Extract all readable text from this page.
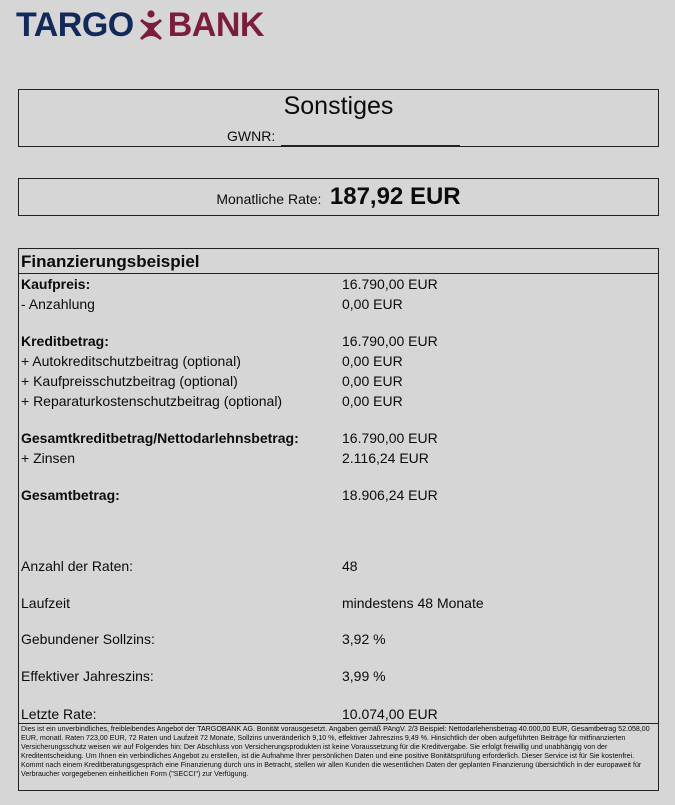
TARGO BANK
Sonstiges
GWNR:
Monatliche Rate: 187,92 EUR
Finanzierungsbeispiel
Kaufpreis:	16.790,00 EUR
- Anzahlung	0,00 EUR
Kreditbetrag:	16.790,00 EUR
+ Autokreditschutzbeitrag (optional)	0,00 EUR
+ Kaufpreisschutzbeitrag (optional)	0,00 EUR
+ Reparaturkostenschutzbeitrag (optional)	0,00 EUR
Gesamtkreditbetrag/Nettodarlehnsbetrag:	16.790,00 EUR
+ Zinsen	2.116,24 EUR
Gesamtbetrag:	18.906,24 EUR
Anzahl der Raten:	48
Laufzeit	mindestens 48 Monate
Gebundener Sollzins:	3,92 %
Effektiver Jahreszins:	3,99 %
Letzte Rate:	10.074,00 EUR

Dies ist ein unverbindliches, freibleibendes Angebot der TARGOBANK AG. Bonität vorausgesetzt. Angaben gemäß PAngV. 2/3 Beispiel: Nettodarlehensbetrag 40.000,00 EUR, Gesamtbetrag 52.058,00 EUR, monatl. Raten 723,00 EUR, 72 Raten und Laufzeit 72 Monate, Sollzins unveränderlich 9,10 %, effektiver Jahreszins 9,49 %. Hinsichtlich der oben aufgeführten Beiträge für mitfinanzierten Versicherungsschutz weisen wir auf Folgendes hin: Der Abschluss von Versicherungsprodukten ist keine Voraussetzung für die Kreditvergabe. Sie erfolgt freiwillig und unabhängig von der Kreditentscheidung. Um Ihnen ein verbindliches Angebot zu erstellen, ist die Aufnahme Ihrer persönlichen Daten und eine positive Bonitätsprüfung erforderlich. Dieser Service ist für Sie kostenfrei. Kommt nach einem Kreditberatungsgespräch eine Finanzierung durch uns in Betracht, stellen wir allen Kunden die wesentlichen Daten der geplanten Finanzierung übersichtlich in der europaweit für Verbraucher vorgegebenen einheitlichen Form ("SECCI") zur Verfügung.
